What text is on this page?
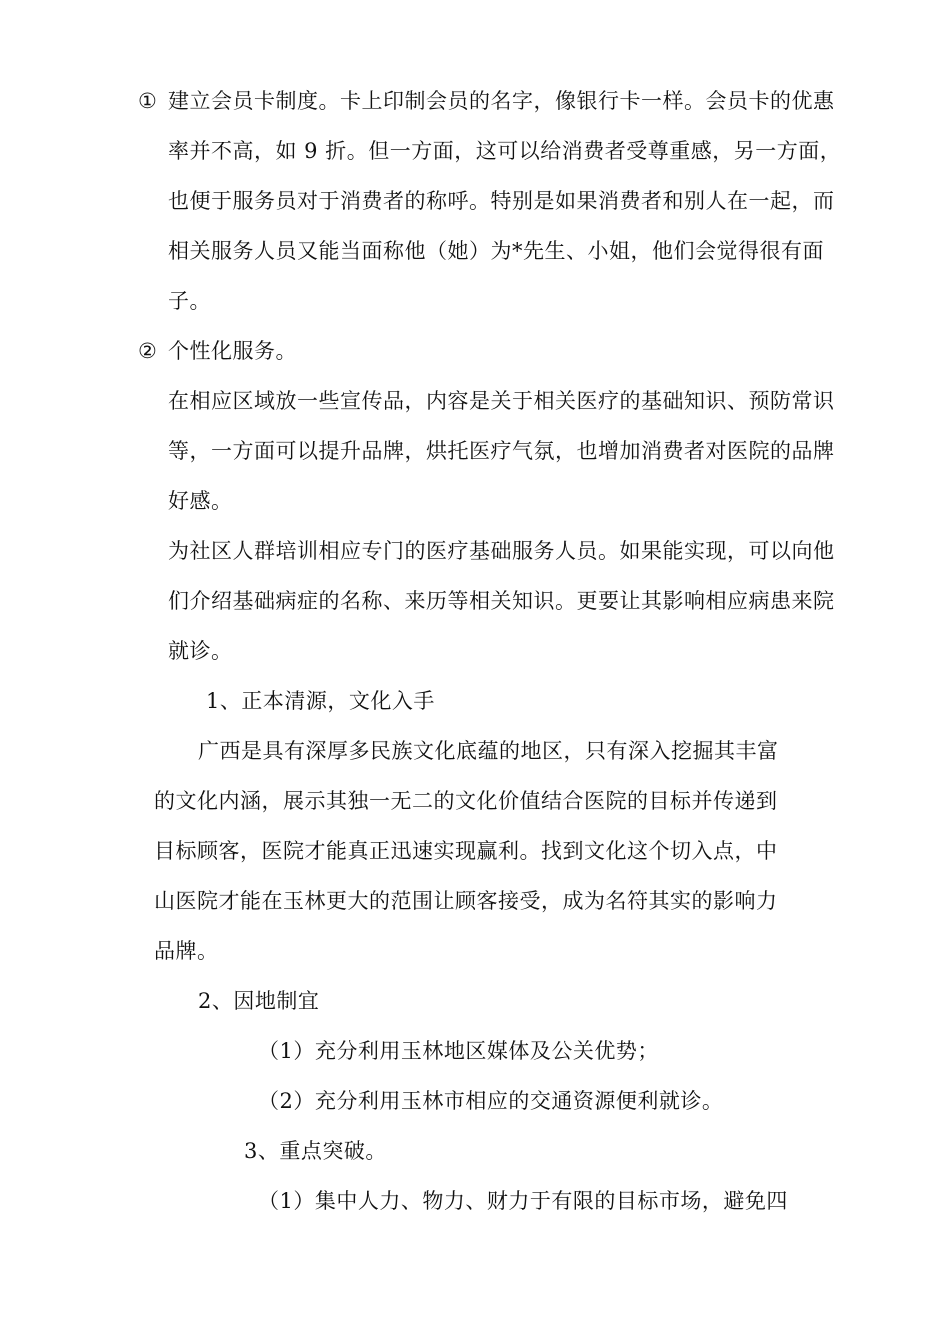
① 建立会员卡制度。卡上印制会员的名字，像银行卡一样。会员卡的优惠
率并不高，如 9 折。但一方面，这可以给消费者受尊重感，另一方面，
也便于服务员对于消费者的称呼。特别是如果消费者和别人在一起，而
相关服务人员又能当面称他（她）为*先生、小姐，他们会觉得很有面
子。
② 个性化服务。
在相应区域放一些宣传品，内容是关于相关医疗的基础知识、预防常识
等，一方面可以提升品牌，烘托医疗气氛，也增加消费者对医院的品牌
好感。
为社区人群培训相应专门的医疗基础服务人员。如果能实现，可以向他
们介绍基础病症的名称、来历等相关知识。更要让其影响相应病患来院
就诊。
1、正本清源，文化入手
广西是具有深厚多民族文化底蕴的地区，只有深入挖掘其丰富
的文化内涵，展示其独一无二的文化价值结合医院的目标并传递到
目标顾客，医院才能真正迅速实现赢利。找到文化这个切入点，中
山医院才能在玉林更大的范围让顾客接受，成为名符其实的影响力
品牌。
2、因地制宜
（1）充分利用玉林地区媒体及公关优势；
（2）充分利用玉林市相应的交通资源便利就诊。
3、重点突破。
（1）集中人力、物力、财力于有限的目标市场，避免四
